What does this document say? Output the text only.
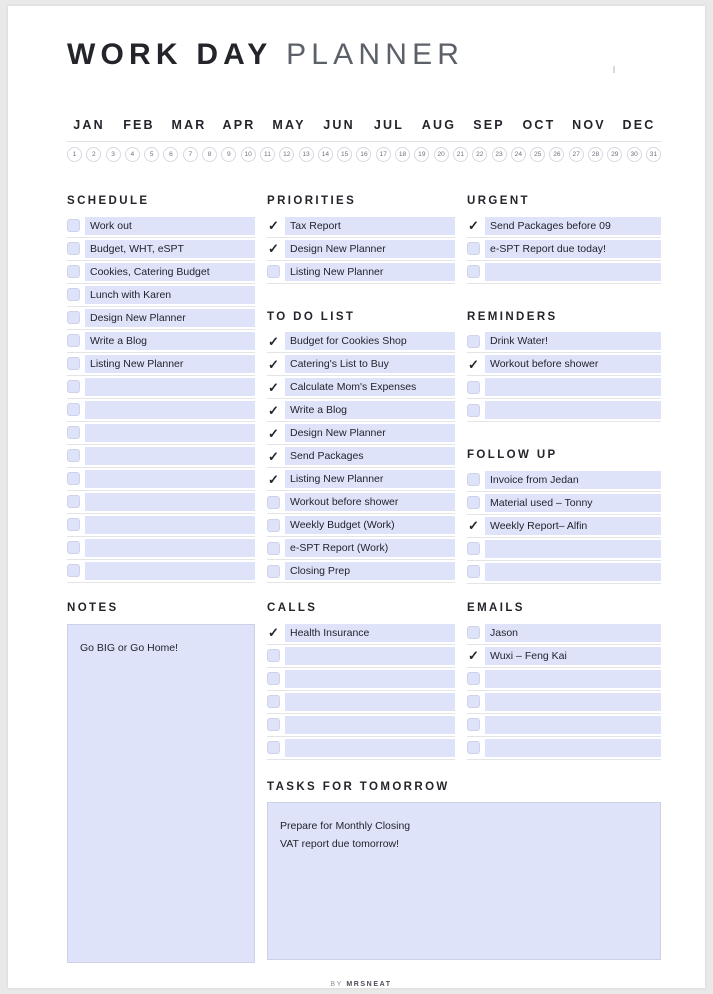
WORK DAY PLANNER
JAN	FEB	MAR	APR	MAY	JUN	JUL	AUG	SEP	OCT	NOV	DEC
1	2	3	4	5	6	7	8	9	10	11	12	13	14	15	16	17	18	19	20	21	22	23	24	25	26	27	28	29	30	31
SCHEDULE
Work out
Budget, WHT, eSPT
Cookies, Catering Budget
Lunch with Karen
Design New Planner
Write a Blog
Listing New Planner
PRIORITIES
✓	Tax Report
✓	Design New Planner
Listing New Planner
TO DO LIST
✓	Budget for Cookies Shop
✓	Catering's List to Buy
✓	Calculate Mom's Expenses
✓	Write a Blog
✓	Design New Planner
✓	Send Packages
✓	Listing New Planner
Workout before shower
Weekly Budget (Work)
e-SPT Report (Work)
Closing Prep
URGENT
✓	Send Packages before 09
e-SPT Report due today!
REMINDERS
Drink Water!
✓	Workout before shower
FOLLOW UP
Invoice from Jedan
Material used – Tonny
✓	Weekly Report– Alfin
NOTES
Go BIG or Go Home!
CALLS
✓	Health Insurance
TASKS FOR TOMORROW
Prepare for Monthly Closing
VAT report due tomorrow!
EMAILS
Jason
✓	Wuxi – Feng Kai
BY MRSNEAT
